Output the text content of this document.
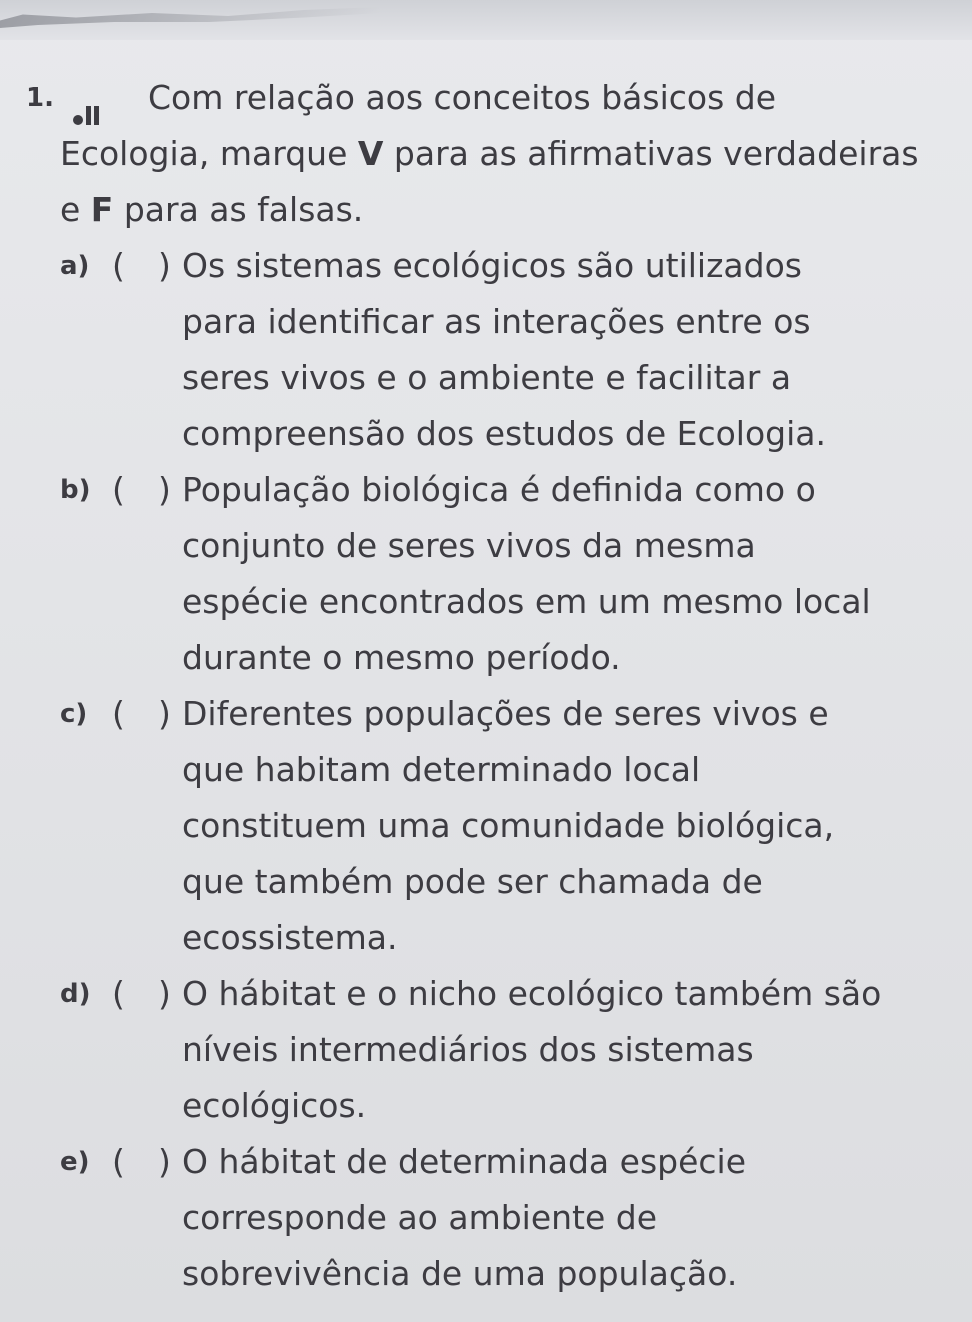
1.	Com relação aos conceitos básicos de Ecologia, marque V para as afirmativas verdadeiras e F para as falsas.
a) ( ) Os sistemas ecológicos são utilizados para identificar as interações entre os seres vivos e o ambiente e facilitar a compreensão dos estudos de Ecologia.
b) ( ) População biológica é definida como o conjunto de seres vivos da mesma espécie encontrados em um mesmo local durante o mesmo período.
c) ( ) Diferentes populações de seres vivos e que habitam determinado local constituem uma comunidade biológica, que também pode ser chamada de ecossistema.
d) ( ) O hábitat e o nicho ecológico também são níveis intermediários dos sistemas ecológicos.
e) ( ) O hábitat de determinada espécie corresponde ao ambiente de sobrevivência de uma população.
